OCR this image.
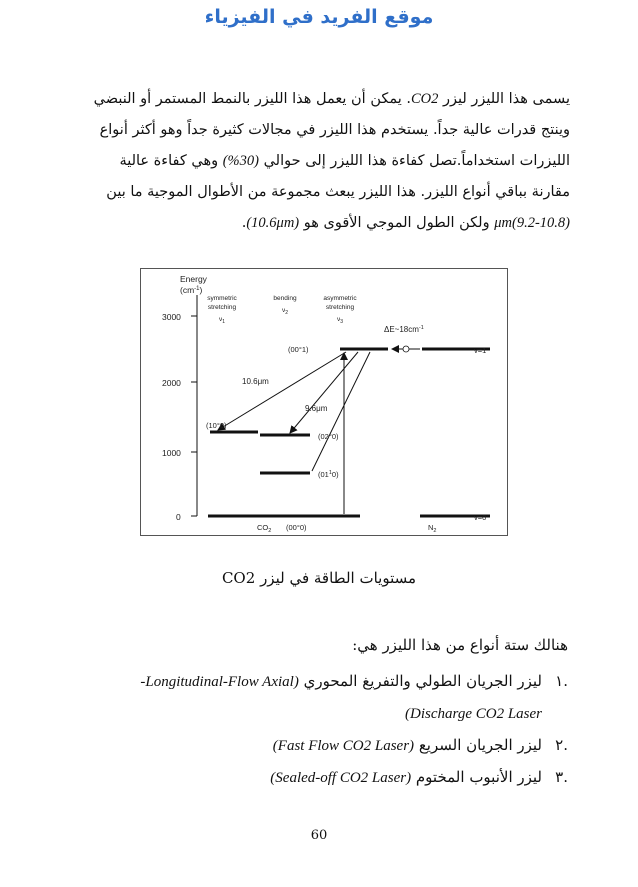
موقع الفريد في الفيزياء
يسمى هذا الليزر ليزر CO2. يمكن أن يعمل هذا الليزر بالنمط المستمر أو النبضي
وينتج قدرات عالية جداً. يستخدم هذا الليزر في مجالات كثيرة جداً وهو أكثر أنواع
الليزرات استخداماً.تصل كفاءة هذا الليزر إلى حوالي (30%) وهي كفاءة عالية
مقارنة بباقي أنواع الليزر. هذا الليزر يبعث مجموعة من الأطوال الموجية ما بين
(9.2-10.8)μm ولكن الطول الموجي الأقوى هو (10.6μm).
3000
2000
1000
0
Energy
$(cm^{-1})$
symmetric
stretching
$\nu_1$
bending
$\nu_2$
asymmetric
stretching
$\nu_3$
$\Delta E\sim 18cm^{-1}$
(00°1)
(10°0)
(02°0)
$(01^10)$
10.6μm
9.6μm
v=1
v=0
$CO_2$ (00°0)	$N_2$
مستويات الطاقة في ليزر CO2
هنالك ستة أنواع من هذا الليزر هي:
.١ليزر الجريان الطولي والتفريغ المحوري (Longitudinal-Flow Axial-
Discharge CO2 Laser)
.٢ليزر الجريان السريع (Fast Flow CO2 Laser)
.٣ليزر الأنبوب المختوم (Sealed-off CO2 Laser)
60
